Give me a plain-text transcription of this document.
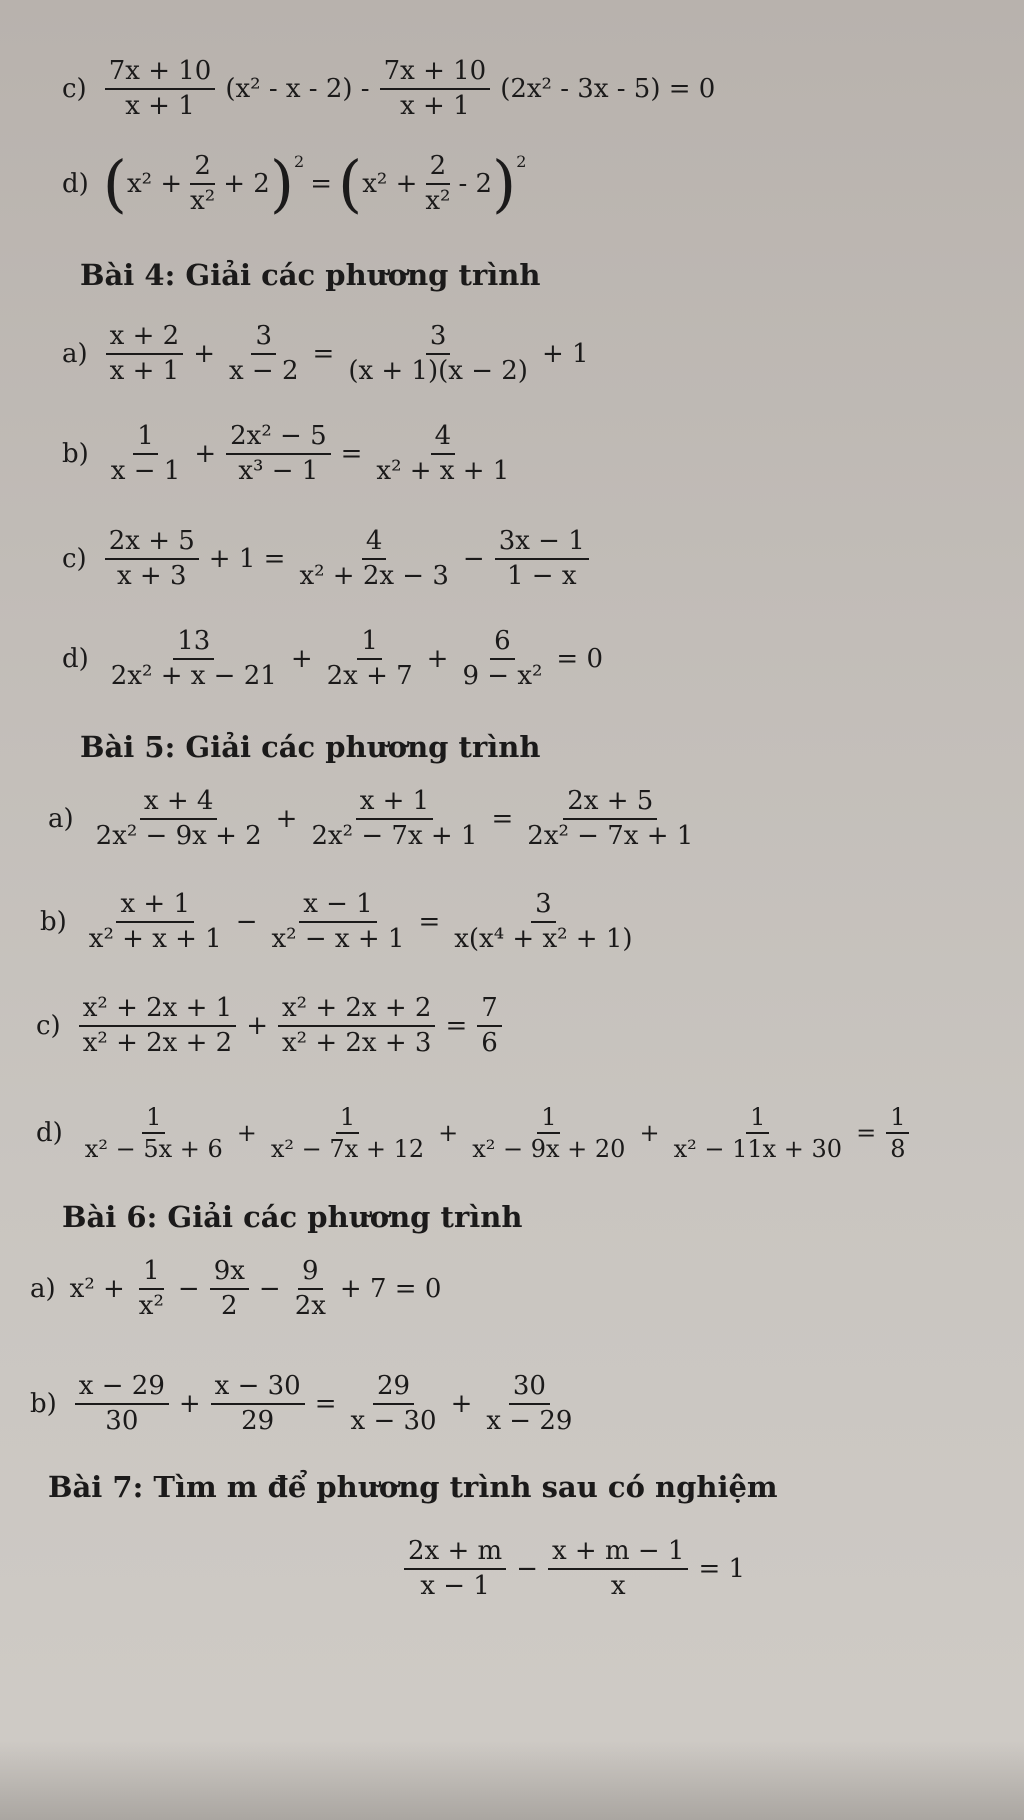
$c) \frac{7x + 10}{x + 1} (x^2 - x - 2) - \frac{7x + 10}{x + 1} (2x^2 - 3x - 5) = 0$
d) ( $x^2 + \frac{2}{\text{x²}} + 2$ ) 2
= ( $x^2 + \frac{2}{\text{x²}} - 2$ ) 2
Bài 4: Giải các phương trình
$a) \frac{x + 2}{x + 1} + \frac{3}{x - 2} = \frac{3}{(x + 1)(x - 2)} + 1$
$b) \frac{1}{x - 1} + \frac{\text{2x² − 5}}{\text{x³ − 1}} = \frac{4}{\text{x² + x + 1}}$
$c) \frac{2x + 5}{x + 3} + 1 = \frac{4}{\text{x² + 2x − 3}} - \frac{3x - 1}{1 - x}$
$d) \frac{13}{\text{2x² + x − 21}} + \frac{1}{2x + 7} + \frac{6}{\text{9 − x²}} = 0$
Bài 5: Giải các phương trình
$a) \frac{x + 4}{\text{2x² − 9x + 2}} + \frac{x + 1}{\text{2x² − 7x + 1}} = \frac{2x + 5}{\text{2x² − 7x + 1}}$
$b) \frac{x + 1}{\text{x² + x + 1}} - \frac{x - 1}{\text{x² − x + 1}} = \frac{3}{\text{x(x⁴ + x² + 1)}}$
$c) \frac{\text{x² + 2x + 1}}{\text{x² + 2x + 2}} + \frac{\text{x² + 2x + 2}}{\text{x² + 2x + 3}} = \frac{7}{6}$
$d) \frac{1}{\text{x² − 5x + 6}} + \frac{1}{\text{x² − 7x + 12}} + \frac{1}{\text{x² − 9x + 20}} + \frac{1}{\text{x² − 11x + 30}} = \frac{1}{8}$
Bài 6: Giải các phương trình
a) $x^2 + \frac{1}{\text{x²}} - \frac{9x}{2} - \frac{9}{2x} + 7 = 0$
$b) \frac{x - 29}{30} + \frac{x - 30}{29} = \frac{29}{x - 30} + \frac{30}{x - 29}$
Bài 7: Tìm m để phương trình sau có nghiệm
$\frac{2x + m}{x - 1} - \frac{x + m - 1}{x} = 1$
